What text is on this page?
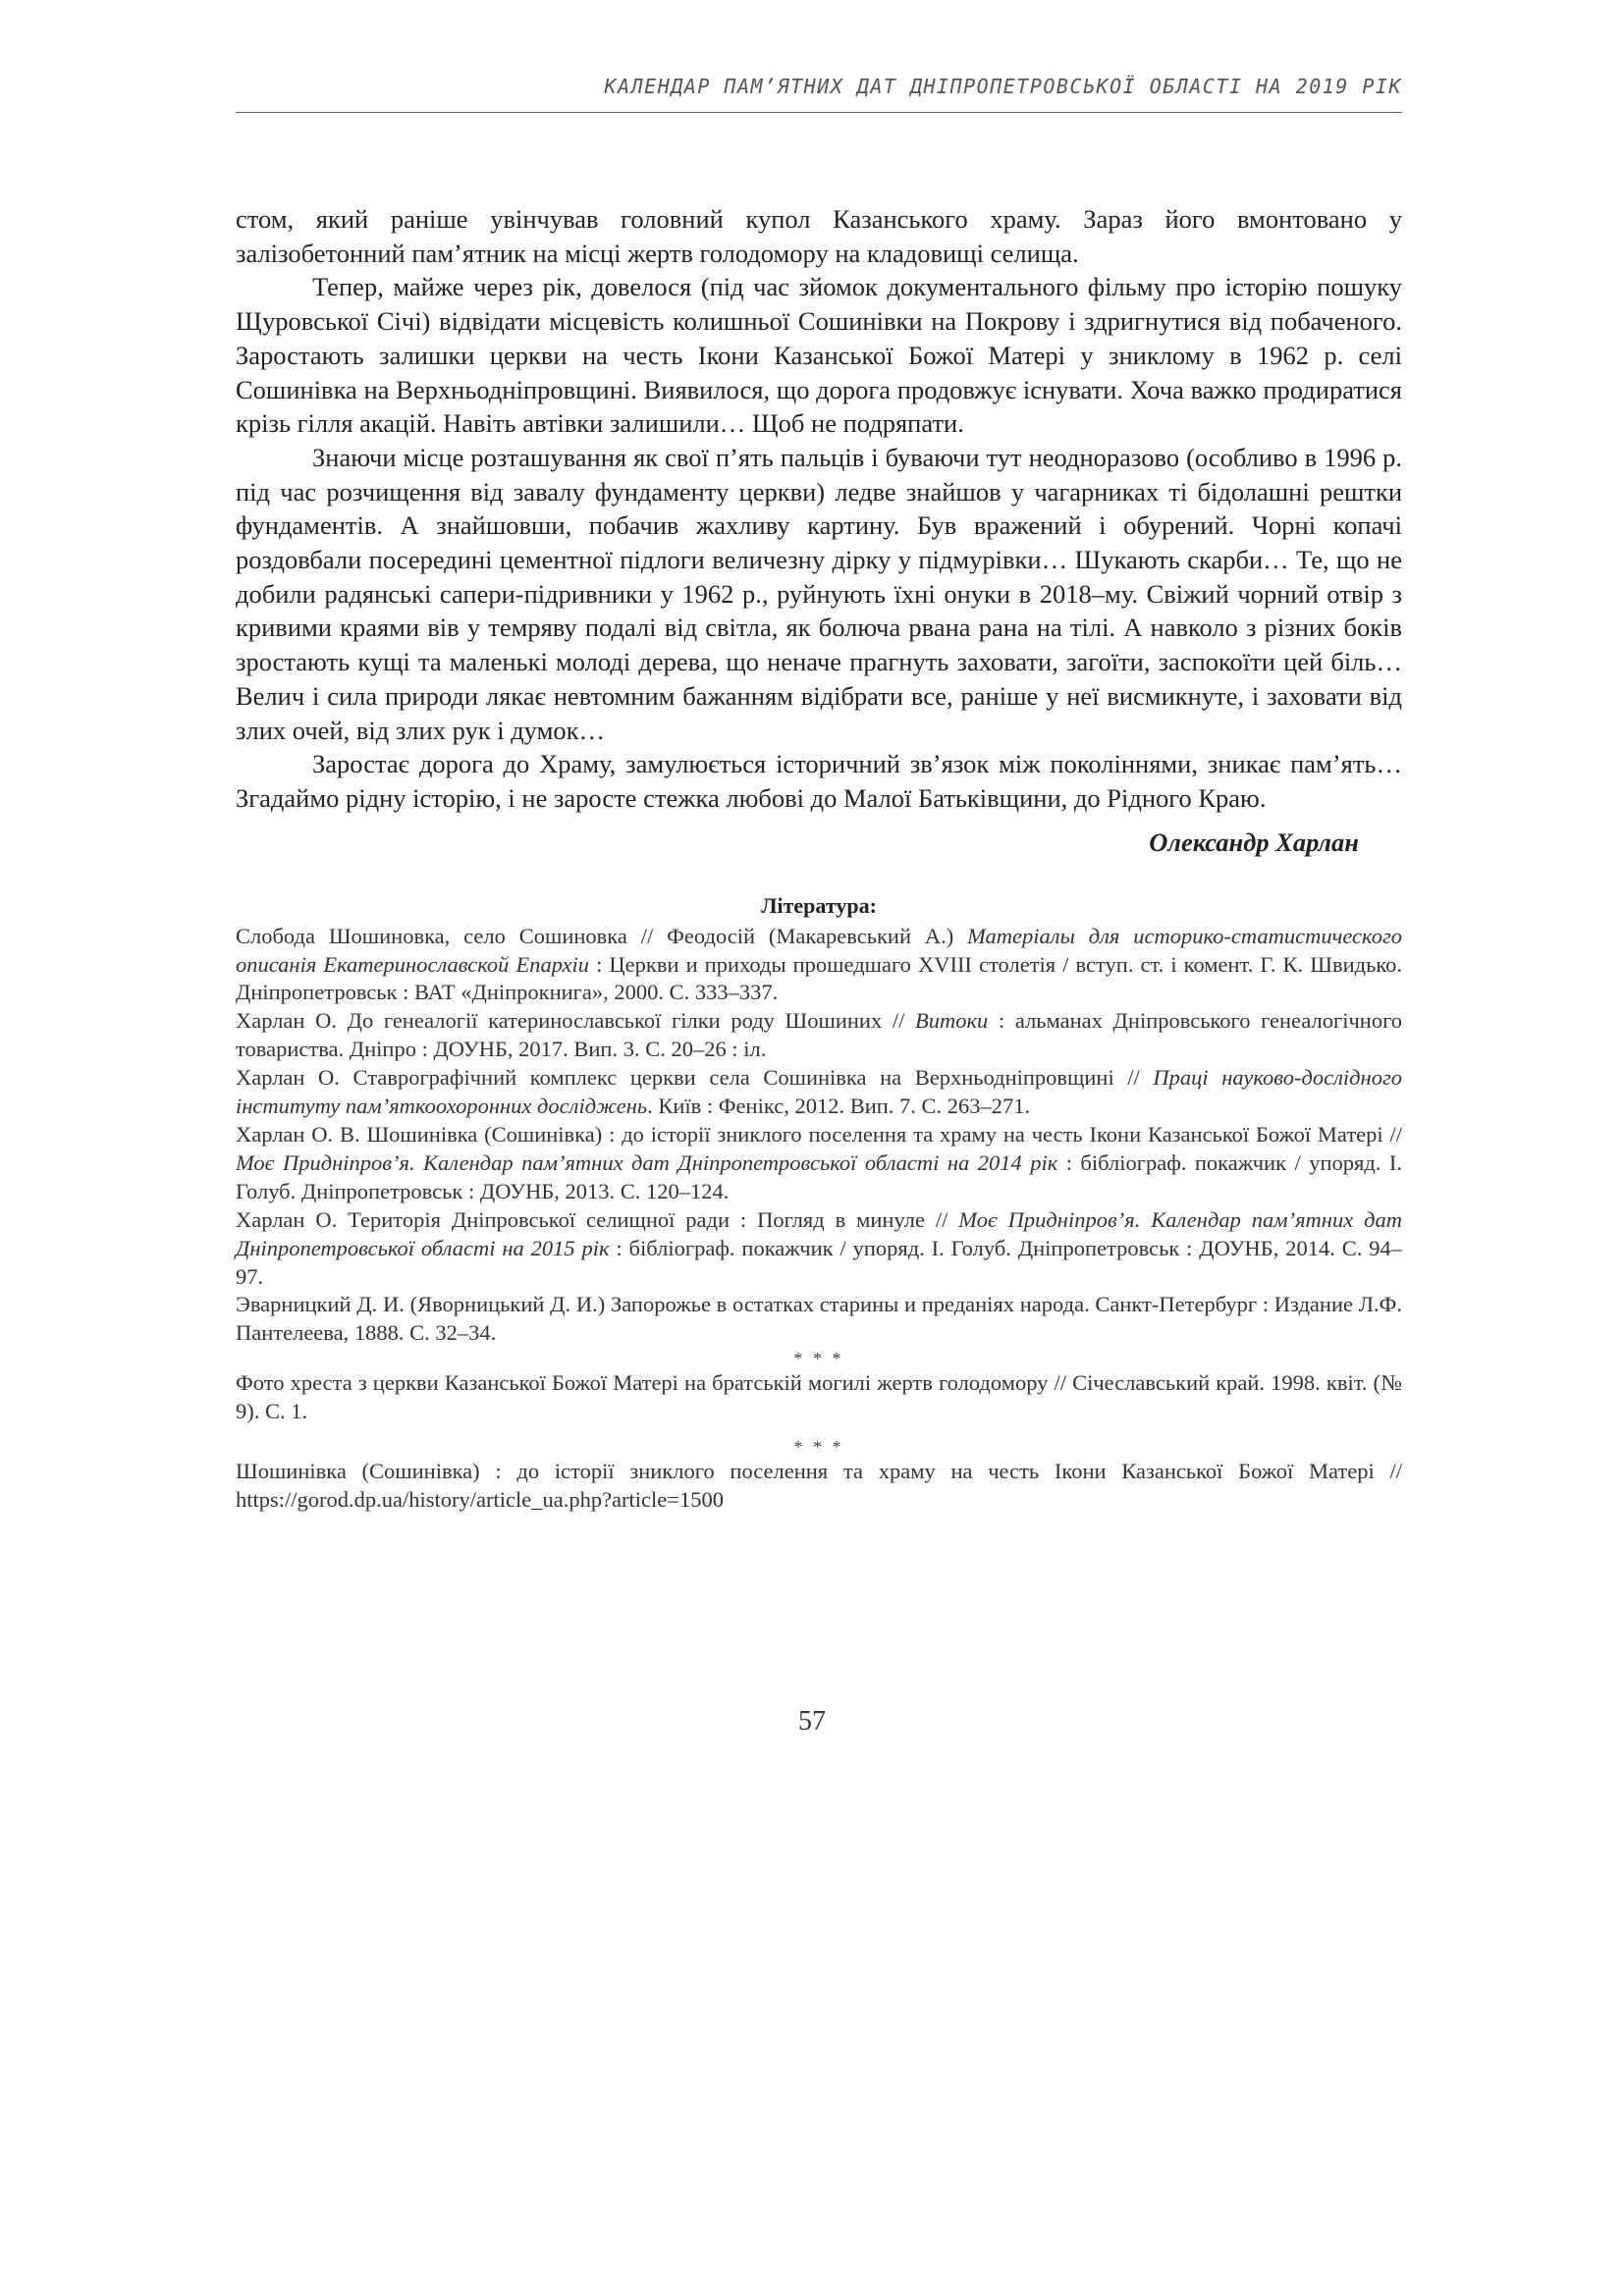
КАЛЕНДАР ПАМ’ЯТНИХ ДАТ ДНІПРОПЕТРОВСЬКОЇ ОБЛАСТІ НА 2019 РІК

стом, який раніше увінчував головний купол Казанського храму. Зараз його вмонтовано у залізобетонний пам’ятник на місці жертв голодомору на кладовищі селища.

Тепер, майже через рік, довелося (під час зйомок документального фільму про історію пошуку Щуровської Січі) відвідати місцевість колишньої Сошинівки на Покрову і здригнутися від побаченого. Заростають залишки церкви на честь Ікони Казанської Божої Матері у зниклому в 1962 р. селі Сошинівка на Верхньодніпровщині. Виявилося, що дорога продовжує існувати. Хоча важко продиратися крізь гілля акацій. Навіть автівки залишили… Щоб не подряпати.

Знаючи місце розташування як свої п’ять пальців і буваючи тут неодноразово (особливо в 1996 р. під час розчищення від завалу фундаменту церкви) ледве знайшов у чагарниках ті бідолашні рештки фундаментів. А знайшовши, побачив жахливу картину. Був вражений і обурений. Чорні копачі роздовбали посередині цементної підлоги величезну дірку у підмурівки… Шукають скарби… Те, що не добили радянські сапери-підривники у 1962 р., руйнують їхні онуки в 2018–му. Свіжий чорний отвір з кривими краями вів у темряву подалі від світла, як болюча рвана рана на тілі. А навколо з різних боків зростають кущі та маленькі молоді дерева, що неначе прагнуть заховати, загоїти, заспокоїти цей біль… Велич і сила природи лякає невтомним бажанням відібрати все, раніше у неї висмикнуте, і заховати від злих очей, від злих рук і думок…

Заростає дорога до Храму, замулюється історичний зв’язок між поколіннями, зникає пам’ять… Згадаймо рідну історію, і не заросте стежка любові до Малої Батьківщини, до Рідного Краю.

Олександр Харлан
Література:

Слобода Шошиновка, село Сошиновка // Феодосій (Макаревський А.) Матеріалы для историко-статистического описанія Екатеринославской Епархіи : Церкви и приходы прошедшаго XVIII столетія / вступ. ст. і комент. Г. К. Швидько. Дніпропетровськ : ВАТ «Дніпрокнига», 2000. С. 333–337.

Харлан О. До генеалогії катеринославської гілки роду Шошиних // Витоки : альманах Дніпровського генеалогічного товариства. Дніпро : ДОУНБ, 2017. Вип. 3. С. 20–26 : іл.

Харлан О. Ставрографічний комплекс церкви села Сошинівка на Верхньодніпровщині // Праці науково-дослідного інституту пам’яткоохоронних досліджень. Київ : Фенікс, 2012. Вип. 7. С. 263–271.

Харлан О. В. Шошинівка (Сошинівка) : до історії зниклого поселення та храму на честь Ікони Казанської Божої Матері // Моє Придніпров’я. Календар пам’ятних дат Дніпропетровської області на 2014 рік : бібліограф. покажчик / упоряд. І. Голуб. Дніпропетровськ : ДОУНБ, 2013. С. 120–124.

Харлан О. Територія Дніпровської селищної ради : Погляд в минуле // Моє Придніпров’я. Календар пам’ятних дат Дніпропетровської області на 2015 рік : бібліограф. покажчик / упоряд. І. Голуб. Дніпропетровськ : ДОУНБ, 2014. С. 94–97.

Эварницкий Д. И. (Яворницький Д. И.) Запорожье в остатках старины и преданіях народа. Санкт-Петербург : Издание Л.Ф. Пантелеева, 1888. С. 32–34.

* * *

Фото хреста з церкви Казанської Божої Матері на братській могилі жертв голодомору // Січеславський край. 1998. квіт. (№ 9). С. 1.

* * *

Шошинівка (Сошинівка) : до історії зниклого поселення та храму на честь Ікони Казанської Божої Матері // https://gorod.dp.ua/history/article_ua.php?article=1500

57
